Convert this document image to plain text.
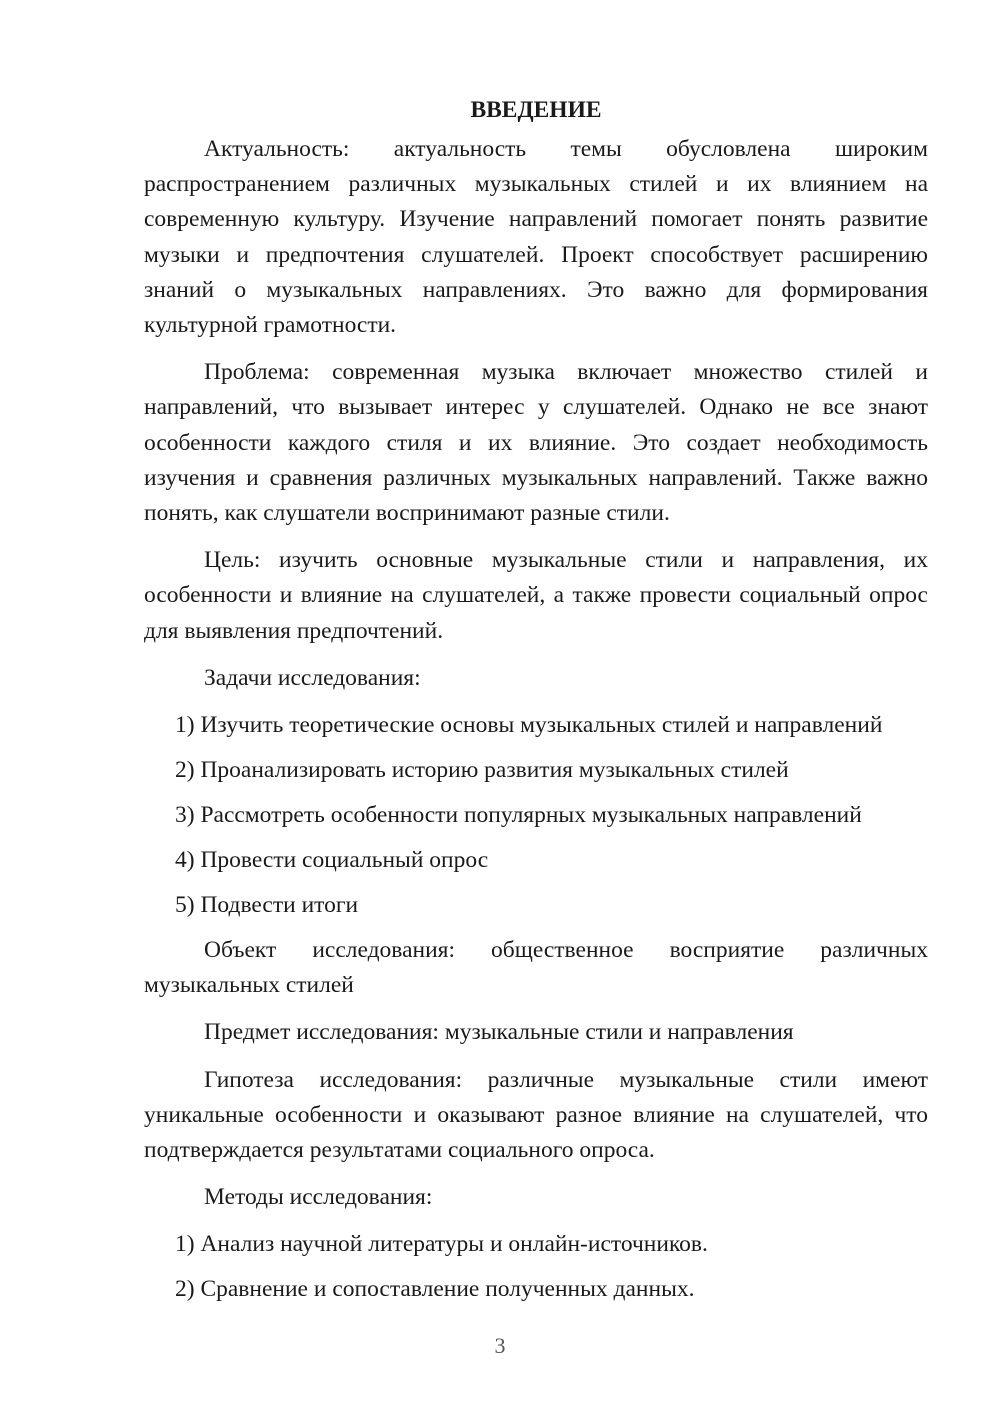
ВВЕДЕНИЕ

Актуальность: актуальность темы обусловлена широким распространением различных музыкальных стилей и их влиянием на современную культуру. Изучение направлений помогает понять развитие музыки и предпочтения слушателей. Проект способствует расширению знаний о музыкальных направлениях. Это важно для формирования культурной грамотности.

Проблема: современная музыка включает множество стилей и направлений, что вызывает интерес у слушателей. Однако не все знают особенности каждого стиля и их влияние. Это создает необходимость изучения и сравнения различных музыкальных направлений. Также важно понять, как слушатели воспринимают разные стили.

Цель: изучить основные музыкальные стили и направления, их особенности и влияние на слушателей, а также провести социальный опрос для выявления предпочтений.

Задачи исследования:

1) Изучить теоретические основы музыкальных стилей и направлений
2) Проанализировать историю развития музыкальных стилей
3) Рассмотреть особенности популярных музыкальных направлений
4) Провести социальный опрос
5) Подвести итоги

Объект исследования: общественное восприятие различных музыкальных стилей

Предмет исследования: музыкальные стили и направления

Гипотеза исследования: различные музыкальные стили имеют уникальные особенности и оказывают разное влияние на слушателей, что подтверждается результатами социального опроса.

Методы исследования:

1) Анализ научной литературы и онлайн-источников.
2) Сравнение и сопоставление полученных данных.
3
